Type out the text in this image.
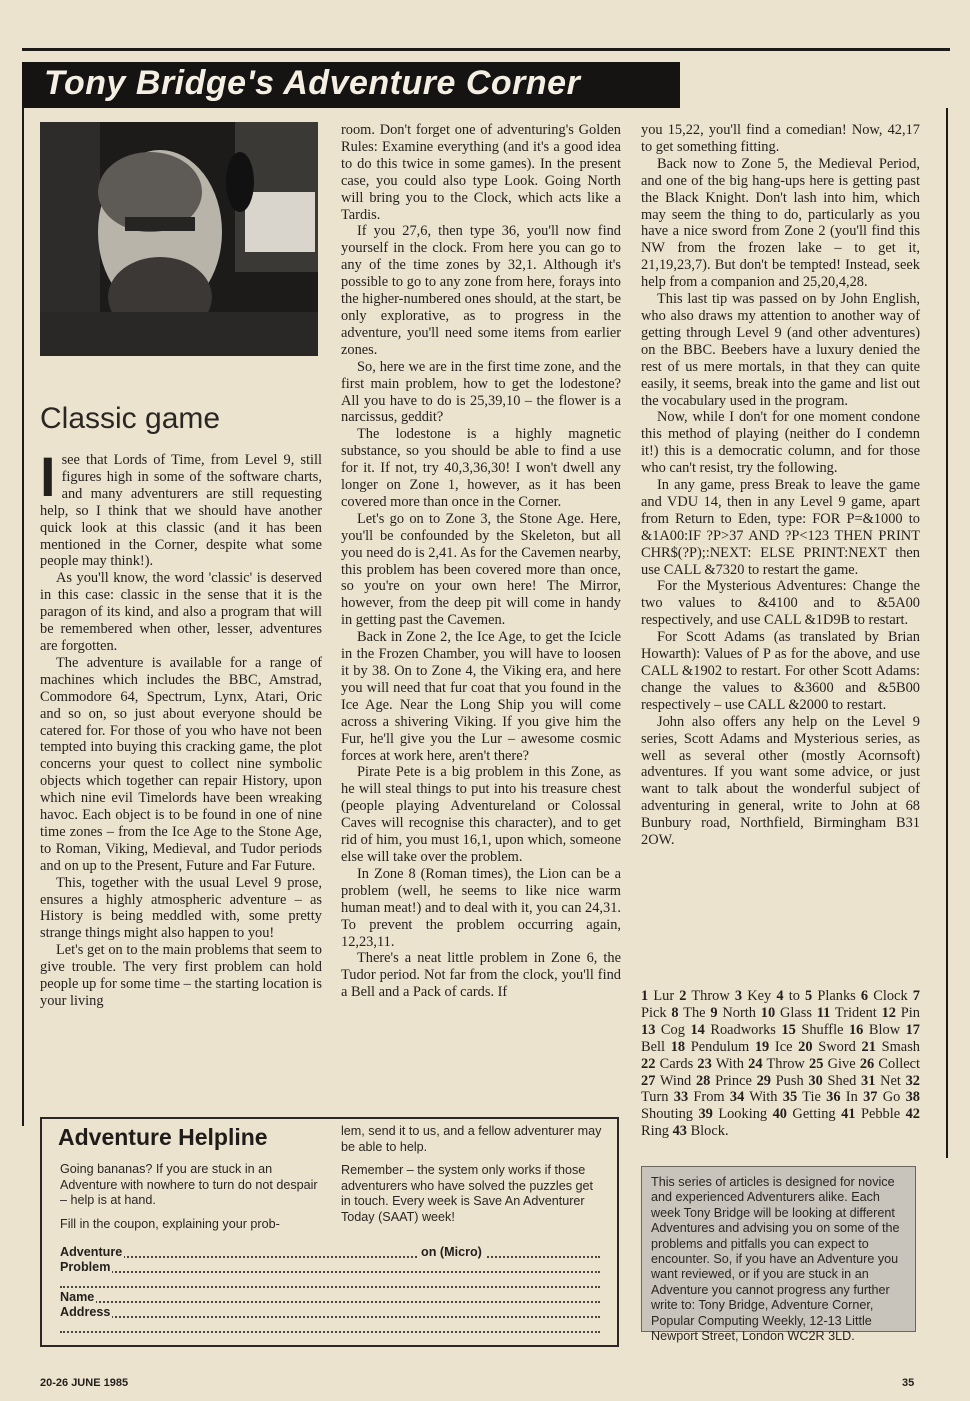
Tony Bridge's Adventure Corner
Classic game

Isee that Lords of Time, from Level 9, still figures high in some of the software charts, and many adventurers are still requesting help, so I think that we should have another quick look at this classic (and it has been mentioned in the Corner, despite what some people may think!).

As you'll know, the word 'classic' is deserved in this case: classic in the sense that it is the paragon of its kind, and also a program that will be remembered when other, lesser, adventures are forgotten.

The adventure is available for a range of machines which includes the BBC, Amstrad, Commodore 64, Spectrum, Lynx, Atari, Oric and so on, so just about everyone should be catered for. For those of you who have not been tempted into buying this cracking game, the plot concerns your quest to collect nine symbolic objects which together can repair History, upon which nine evil Timelords have been wreaking havoc. Each object is to be found in one of nine time zones – from the Ice Age to the Stone Age, to Roman, Viking, Medieval, and Tudor periods and on up to the Present, Future and Far Future.

This, together with the usual Level 9 prose, ensures a highly atmospheric adventure – as History is being meddled with, some pretty strange things might also happen to you!

Let's get on to the main problems that seem to give trouble. The very first problem can hold people up for some time – the starting location is your living

room. Don't forget one of adventuring's Golden Rules: Examine everything (and it's a good idea to do this twice in some games). In the present case, you could also type Look. Going North will bring you to the Clock, which acts like a Tardis.

If you 27,6, then type 36, you'll now find yourself in the clock. From here you can go to any of the time zones by 32,1. Although it's possible to go to any zone from here, forays into the higher-numbered ones should, at the start, be only explorative, as to progress in the adventure, you'll need some items from earlier zones.

So, here we are in the first time zone, and the first main problem, how to get the lodestone? All you have to do is 25,39,10 – the flower is a narcissus, geddit?

The lodestone is a highly magnetic substance, so you should be able to find a use for it. If not, try 40,3,36,30! I won't dwell any longer on Zone 1, however, as it has been covered more than once in the Corner.

Let's go on to Zone 3, the Stone Age. Here, you'll be confounded by the Skeleton, but all you need do is 2,41. As for the Cavemen nearby, this problem has been covered more than once, so you're on your own here! The Mirror, however, from the deep pit will come in handy in getting past the Cavemen.

Back in Zone 2, the Ice Age, to get the Icicle in the Frozen Chamber, you will have to loosen it by 38. On to Zone 4, the Viking era, and here you will need that fur coat that you found in the Ice Age. Near the Long Ship you will come across a shivering Viking. If you give him the Fur, he'll give you the Lur – awesome cosmic forces at work here, aren't there?

Pirate Pete is a big problem in this Zone, as he will steal things to put into his treasure chest (people playing Adventureland or Colossal Caves will recognise this character), and to get rid of him, you must 16,1, upon which, someone else will take over the problem.

In Zone 8 (Roman times), the Lion can be a problem (well, he seems to like nice warm human meat!) and to deal with it, you can 24,31. To prevent the problem occurring again, 12,23,11.

There's a neat little problem in Zone 6, the Tudor period. Not far from the clock, you'll find a Bell and a Pack of cards. If

you 15,22, you'll find a comedian! Now, 42,17 to get something fitting.

Back now to Zone 5, the Medieval Period, and one of the big hang-ups here is getting past the Black Knight. Don't lash into him, which may seem the thing to do, particularly as you have a nice sword from Zone 2 (you'll find this NW from the frozen lake – to get it, 21,19,23,7). But don't be tempted! Instead, seek help from a companion and 25,20,4,28.

This last tip was passed on by John English, who also draws my attention to another way of getting through Level 9 (and other adventures) on the BBC. Beebers have a luxury denied the rest of us mere mortals, in that they can quite easily, it seems, break into the game and list out the vocabulary used in the program.

Now, while I don't for one moment condone this method of playing (neither do I condemn it!) this is a democratic column, and for those who can't resist, try the following.

In any game, press Break to leave the game and VDU 14, then in any Level 9 game, apart from Return to Eden, type: FOR P=&1000 to &1A00:IF ?P>37 AND ?P<123 THEN PRINT CHR$(?P);:NEXT: ELSE PRINT:NEXT then use CALL &7320 to restart the game.

For the Mysterious Adventures: Change the two values to &4100 and to &5A00 respectively, and use CALL &1D9B to restart.

For Scott Adams (as translated by Brian Howarth): Values of P as for the above, and use CALL &1902 to restart. For other Scott Adams: change the values to &3600 and &5B00 respectively – use CALL &2000 to restart.

John also offers any help on the Level 9 series, Scott Adams and Mysterious series, as well as several other (mostly Acornsoft) adventures. If you want some advice, or just want to talk about the wonderful subject of adventuring in general, write to John at 68 Bunbury road, Northfield, Birmingham B31 2OW.

1 Lur 2 Throw 3 Key 4 to 5 Planks 6 Clock 7 Pick 8 The 9 North 10 Glass 11 Trident 12 Pin 13 Cog 14 Roadworks 15 Shuffle 16 Blow 17 Bell 18 Pendulum 19 Ice 20 Sword 21 Smash 22 Cards 23 With 24 Throw 25 Give 26 Collect 27 Wind 28 Prince 29 Push 30 Shed 31 Net 32 Turn 33 From 34 With 35 Tie 36 In 37 Go 38 Shouting 39 Looking 40 Getting 41 Pebble 42 Ring 43 Block.
This series of articles is designed for novice and experienced Adventurers alike. Each week Tony Bridge will be looking at different Adventures and advising you on some of the problems and pitfalls you can expect to encounter. So, if you have an Adventure you want reviewed, or if you are stuck in an Adventure you cannot progress any further write to: Tony Bridge, Adventure Corner, Popular Computing Weekly, 12-13 Little Newport Street, London WC2R 3LD.
Adventure Helpline

Going bananas? If you are stuck in an Adventure with nowhere to turn do not despair – help is at hand.

Fill in the coupon, explaining your prob-

lem, send it to us, and a fellow adventurer may be able to help.

Remember – the system only works if those adventurers who have solved the puzzles get in touch. Every week is Save An Adventurer Today (SAAT) week!

Adventure	on (Micro)
Problem
Name
Address
20-26 JUNE 1985	35
